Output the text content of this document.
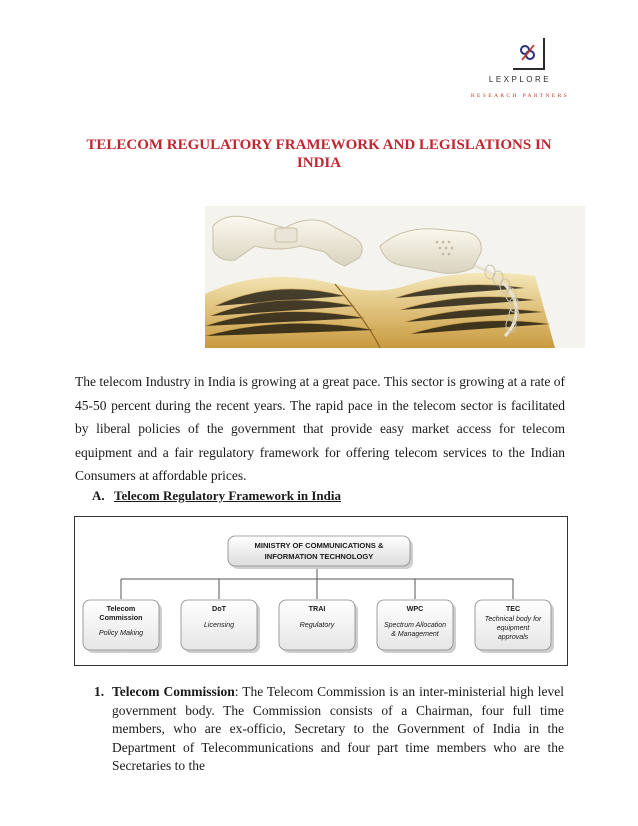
LEXPLORE
RESEARCH PARTNERS
TELECOM REGULATORY FRAMEWORK AND LEGISLATIONS IN INDIA
The telecom Industry in India is growing at a great pace. This sector is growing at a rate of 45-50 percent during the recent years. The rapid pace in the telecom sector is facilitated by liberal policies of the government that provide easy market access for telecom equipment and a fair regulatory framework for offering telecom services to the Indian Consumers at affordable prices.
A. Telecom Regulatory Framework in India
MINISTRY OF COMMUNICATIONS &
INFORMATION TECHNOLOGY
Telecom
Commission
Policy Making
DoT
Licensing
TRAI
Regulatory
WPC
Spectrum Allocation
& Management
TEC
Technical body for
equipment
approvals
1. Telecom Commission: The Telecom Commission is an inter-ministerial high level government body. The Commission consists of a Chairman, four full time members, who are ex-officio, Secretary to the Government of India in the Department of Telecommunications and four part time members who are the Secretaries to the
